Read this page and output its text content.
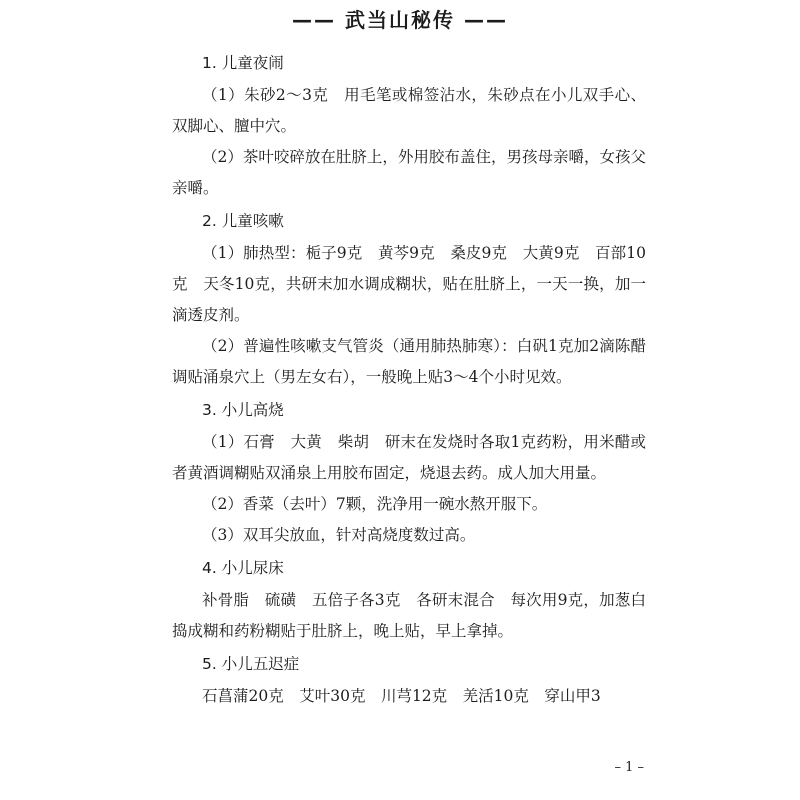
—— 武当山秘传 ——
1. 儿童夜闹

（1）朱砂2～3克　用毛笔或棉签沾水，朱砂点在小儿双手心、双脚心、膻中穴。

（2）茶叶咬碎放在肚脐上，外用胶布盖住，男孩母亲嚼，女孩父亲嚼。

2. 儿童咳嗽

（1）肺热型：栀子9克　黄芩9克　桑皮9克　大黄9克　百部10克　天冬10克，共研末加水调成糊状，贴在肚脐上，一天一换，加一滴透皮剂。

（2）普遍性咳嗽支气管炎（通用肺热肺寒）：白矾1克加2滴陈醋调贴涌泉穴上（男左女右），一般晚上贴3～4个小时见效。

3. 小儿高烧

（1）石膏　大黄　柴胡　研末在发烧时各取1克药粉，用米醋或者黄酒调糊贴双涌泉上用胶布固定，烧退去药。成人加大用量。

（2）香菜（去叶）7颗，洗净用一碗水熬开服下。

（3）双耳尖放血，针对高烧度数过高。

4. 小儿尿床

补骨脂　硫磺　五倍子各3克　各研末混合　每次用9克，加葱白捣成糊和药粉糊贴于肚脐上，晚上贴，早上拿掉。

5. 小儿五迟症

石菖蒲20克　艾叶30克　川芎12克　羌活10克　穿山甲3

– 1 –
